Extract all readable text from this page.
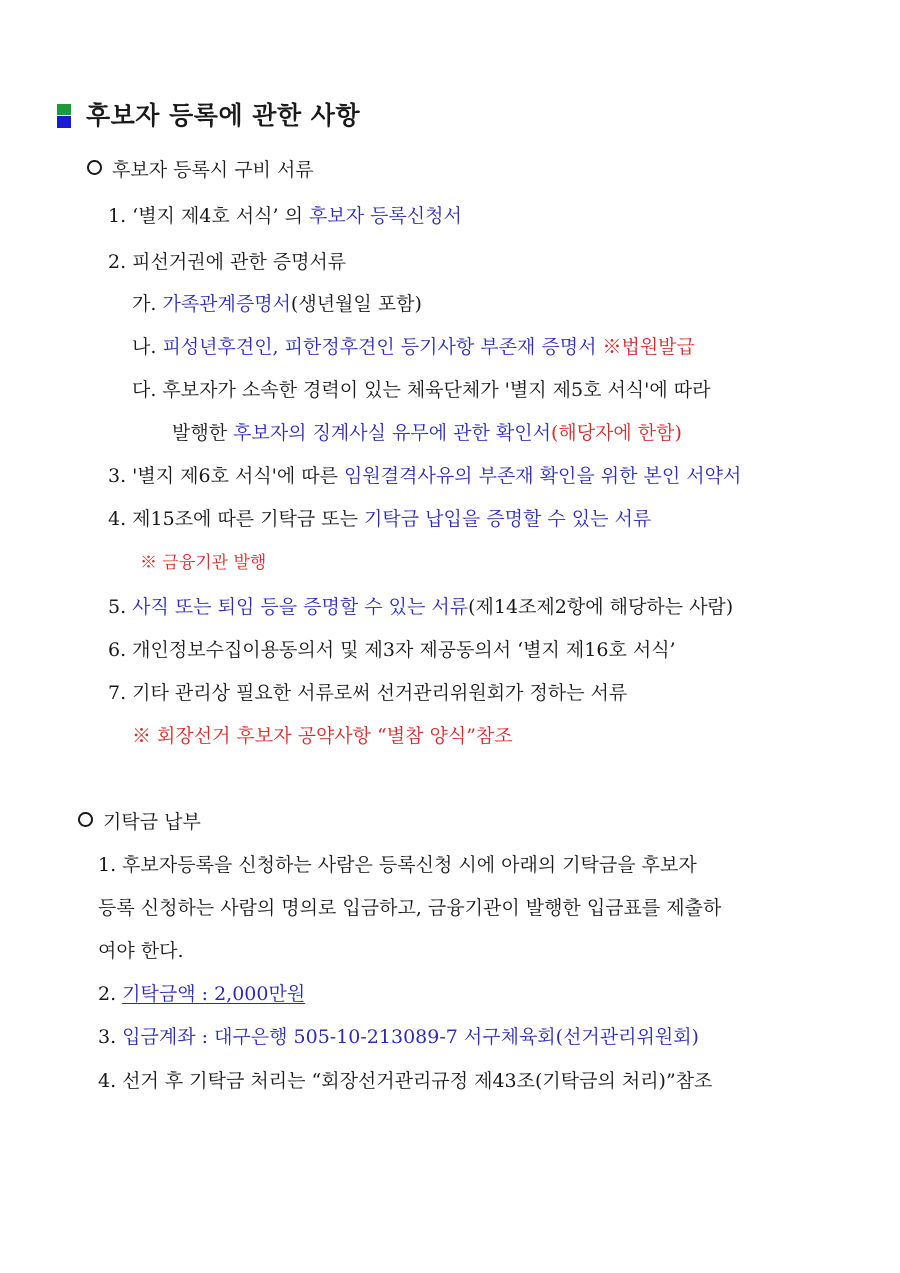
후보자 등록에 관한 사항
후보자 등록시 구비 서류
1. ‘별지 제4호 서식’ 의 후보자 등록신청서
2. 피선거권에 관한 증명서류
가. 가족관계증명서(생년월일 포함)
나. 피성년후견인, 피한정후견인 등기사항 부존재 증명서 ※법원발급
다. 후보자가 소속한 경력이 있는 체육단체가 '별지 제5호 서식'에 따라
발행한 후보자의 징계사실 유무에 관한 확인서(해당자에 한함)
3. '별지 제6호 서식'에 따른 임원결격사유의 부존재 확인을 위한 본인 서약서
4. 제15조에 따른 기탁금 또는 기탁금 납입을 증명할 수 있는 서류
※ 금융기관 발행
5. 사직 또는 퇴임 등을 증명할 수 있는 서류(제14조제2항에 해당하는 사람)
6. 개인정보수집이용동의서 및 제3자 제공동의서 ‘별지 제16호 서식’
7. 기타 관리상 필요한 서류로써 선거관리위원회가 정하는 서류
※ 회장선거 후보자 공약사항 “별참 양식”참조
기탁금 납부
1. 후보자등록을 신청하는 사람은 등록신청 시에 아래의 기탁금을 후보자
등록 신청하는 사람의 명의로 입금하고, 금융기관이 발행한 입금표를 제출하
여야 한다.
2. 기탁금액 : 2,000만원
3. 입금계좌 : 대구은행 505-10-213089-7 서구체육회(선거관리위원회)
4. 선거 후 기탁금 처리는 “회장선거관리규정 제43조(기탁금의 처리)”참조
